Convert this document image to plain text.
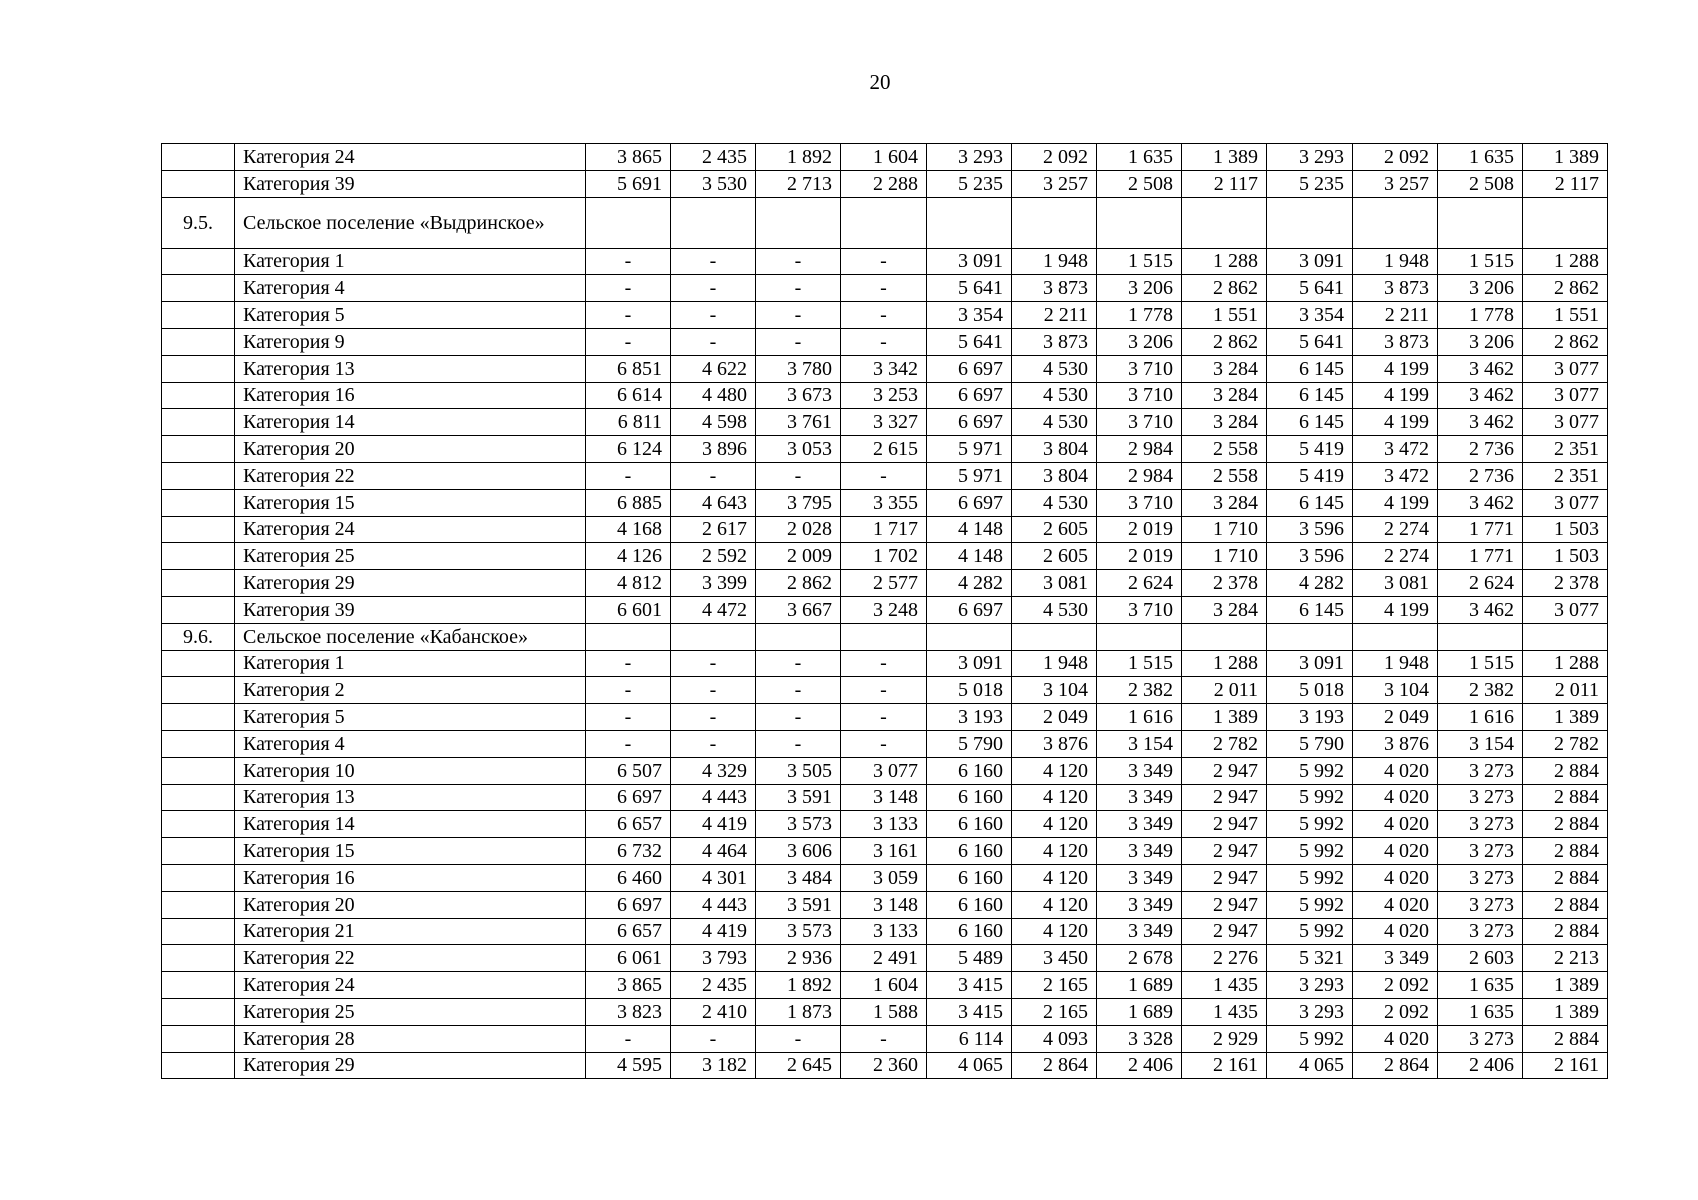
20
	Категория 24	3 865	2 435	1 892	1 604	3 293	2 092	1 635	1 389	3 293	2 092	1 635	1 389
	Категория 39	5 691	3 530	2 713	2 288	5 235	3 257	2 508	2 117	5 235	3 257	2 508	2 117
9.5.	Сельское поселение «Выдринское»												
	Категория 1	-	-	-	-	3 091	1 948	1 515	1 288	3 091	1 948	1 515	1 288
	Категория 4	-	-	-	-	5 641	3 873	3 206	2 862	5 641	3 873	3 206	2 862
	Категория 5	-	-	-	-	3 354	2 211	1 778	1 551	3 354	2 211	1 778	1 551
	Категория 9	-	-	-	-	5 641	3 873	3 206	2 862	5 641	3 873	3 206	2 862
	Категория 13	6 851	4 622	3 780	3 342	6 697	4 530	3 710	3 284	6 145	4 199	3 462	3 077
	Категория 16	6 614	4 480	3 673	3 253	6 697	4 530	3 710	3 284	6 145	4 199	3 462	3 077
	Категория 14	6 811	4 598	3 761	3 327	6 697	4 530	3 710	3 284	6 145	4 199	3 462	3 077
	Категория 20	6 124	3 896	3 053	2 615	5 971	3 804	2 984	2 558	5 419	3 472	2 736	2 351
	Категория 22	-	-	-	-	5 971	3 804	2 984	2 558	5 419	3 472	2 736	2 351
	Категория 15	6 885	4 643	3 795	3 355	6 697	4 530	3 710	3 284	6 145	4 199	3 462	3 077
	Категория 24	4 168	2 617	2 028	1 717	4 148	2 605	2 019	1 710	3 596	2 274	1 771	1 503
	Категория 25	4 126	2 592	2 009	1 702	4 148	2 605	2 019	1 710	3 596	2 274	1 771	1 503
	Категория 29	4 812	3 399	2 862	2 577	4 282	3 081	2 624	2 378	4 282	3 081	2 624	2 378
	Категория 39	6 601	4 472	3 667	3 248	6 697	4 530	3 710	3 284	6 145	4 199	3 462	3 077
9.6.	Сельское поселение «Кабанское»												
	Категория 1	-	-	-	-	3 091	1 948	1 515	1 288	3 091	1 948	1 515	1 288
	Категория 2	-	-	-	-	5 018	3 104	2 382	2 011	5 018	3 104	2 382	2 011
	Категория 5	-	-	-	-	3 193	2 049	1 616	1 389	3 193	2 049	1 616	1 389
	Категория 4	-	-	-	-	5 790	3 876	3 154	2 782	5 790	3 876	3 154	2 782
	Категория 10	6 507	4 329	3 505	3 077	6 160	4 120	3 349	2 947	5 992	4 020	3 273	2 884
	Категория 13	6 697	4 443	3 591	3 148	6 160	4 120	3 349	2 947	5 992	4 020	3 273	2 884
	Категория 14	6 657	4 419	3 573	3 133	6 160	4 120	3 349	2 947	5 992	4 020	3 273	2 884
	Категория 15	6 732	4 464	3 606	3 161	6 160	4 120	3 349	2 947	5 992	4 020	3 273	2 884
	Категория 16	6 460	4 301	3 484	3 059	6 160	4 120	3 349	2 947	5 992	4 020	3 273	2 884
	Категория 20	6 697	4 443	3 591	3 148	6 160	4 120	3 349	2 947	5 992	4 020	3 273	2 884
	Категория 21	6 657	4 419	3 573	3 133	6 160	4 120	3 349	2 947	5 992	4 020	3 273	2 884
	Категория 22	6 061	3 793	2 936	2 491	5 489	3 450	2 678	2 276	5 321	3 349	2 603	2 213
	Категория 24	3 865	2 435	1 892	1 604	3 415	2 165	1 689	1 435	3 293	2 092	1 635	1 389
	Категория 25	3 823	2 410	1 873	1 588	3 415	2 165	1 689	1 435	3 293	2 092	1 635	1 389
	Категория 28	-	-	-	-	6 114	4 093	3 328	2 929	5 992	4 020	3 273	2 884
	Категория 29	4 595	3 182	2 645	2 360	4 065	2 864	2 406	2 161	4 065	2 864	2 406	2 161
